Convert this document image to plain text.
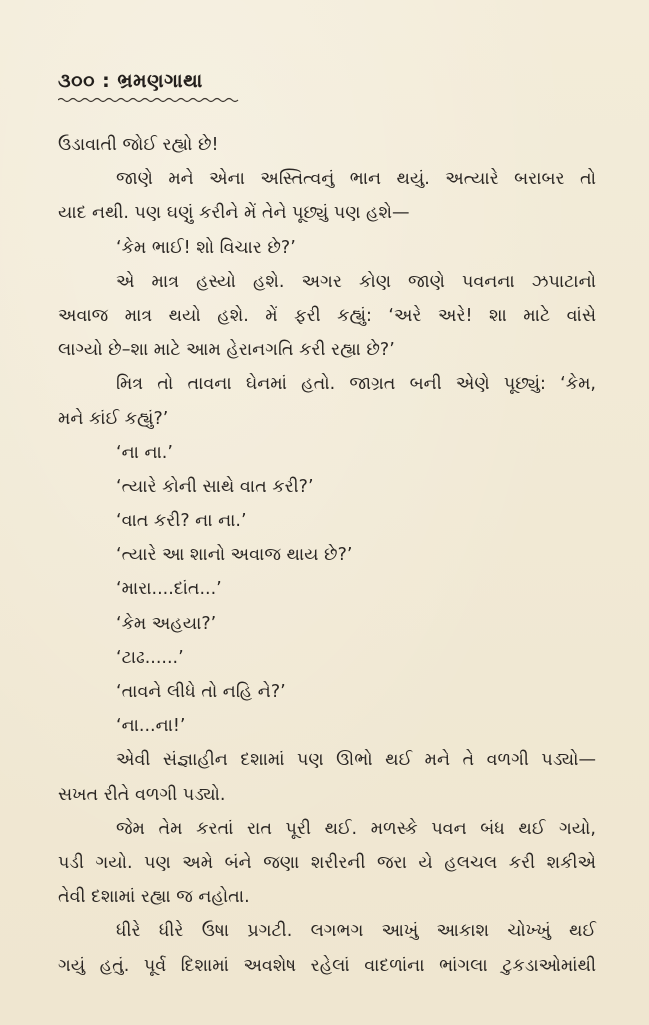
૩૦૦ : ભ્રમણગાથા
ઉડાવાતી જોઈ રહ્યો છે!
જાણે મને એના અસ્તિત્વનું ભાન થયું. અત્યારે બરાબર તો
યાદ નથી. પણ ઘણું કરીને મેં તેને પૂછ્યું પણ હશે—
‘કેમ ભાઈ! શો વિચાર છે?’
એ માત્ર હસ્યો હશે. અગર કોણ જાણે પવનના ઝપાટાનો
અવાજ માત્ર થયો હશે. મેં ફરી કહ્યું: ‘અરે અરે! શા માટે વાંસે
લાગ્યો છે–શા માટે આમ હેરાનગતિ કરી રહ્યા છે?’
મિત્ર તો તાવના ઘેનમાં હતો. જાગ્રત બની એણે પૂછ્યું: ‘કેમ,
મને કાંઈ કહ્યું?’
‘ના ના.’
‘ત્યારે કોની સાથે વાત કરી?’
‘વાત કરી? ના ના.’
‘ત્યારે આ શાનો અવાજ થાય છે?’
‘મારા....દાંત...’
‘કેમ અહયા?’
‘ટાઢ......’
‘તાવને લીધે તો નહિ ને?’
‘ના...ના!’
એવી સંજ્ઞાહીન દશામાં પણ ઊભો થઈ મને તે વળગી પડ્યો—
સખત રીતે વળગી પડ્યો.
જેમ તેમ કરતાં રાત પૂરી થઈ. મળસ્કે પવન બંધ થઈ ગયો,
પડી ગયો. પણ અમે બંને જણા શરીરની જરા યે હલચલ કરી શકીએ
તેવી દશામાં રહ્યા જ નહોતા.
ધીરે ધીરે ઉષા પ્રગટી. લગભગ આખું આકાશ ચોખ્ખું થઈ
ગયું હતું. પૂર્વ દિશામાં અવશેષ રહેલાં વાદળાંના ભાંગલા ટુકડાઓમાંથી
